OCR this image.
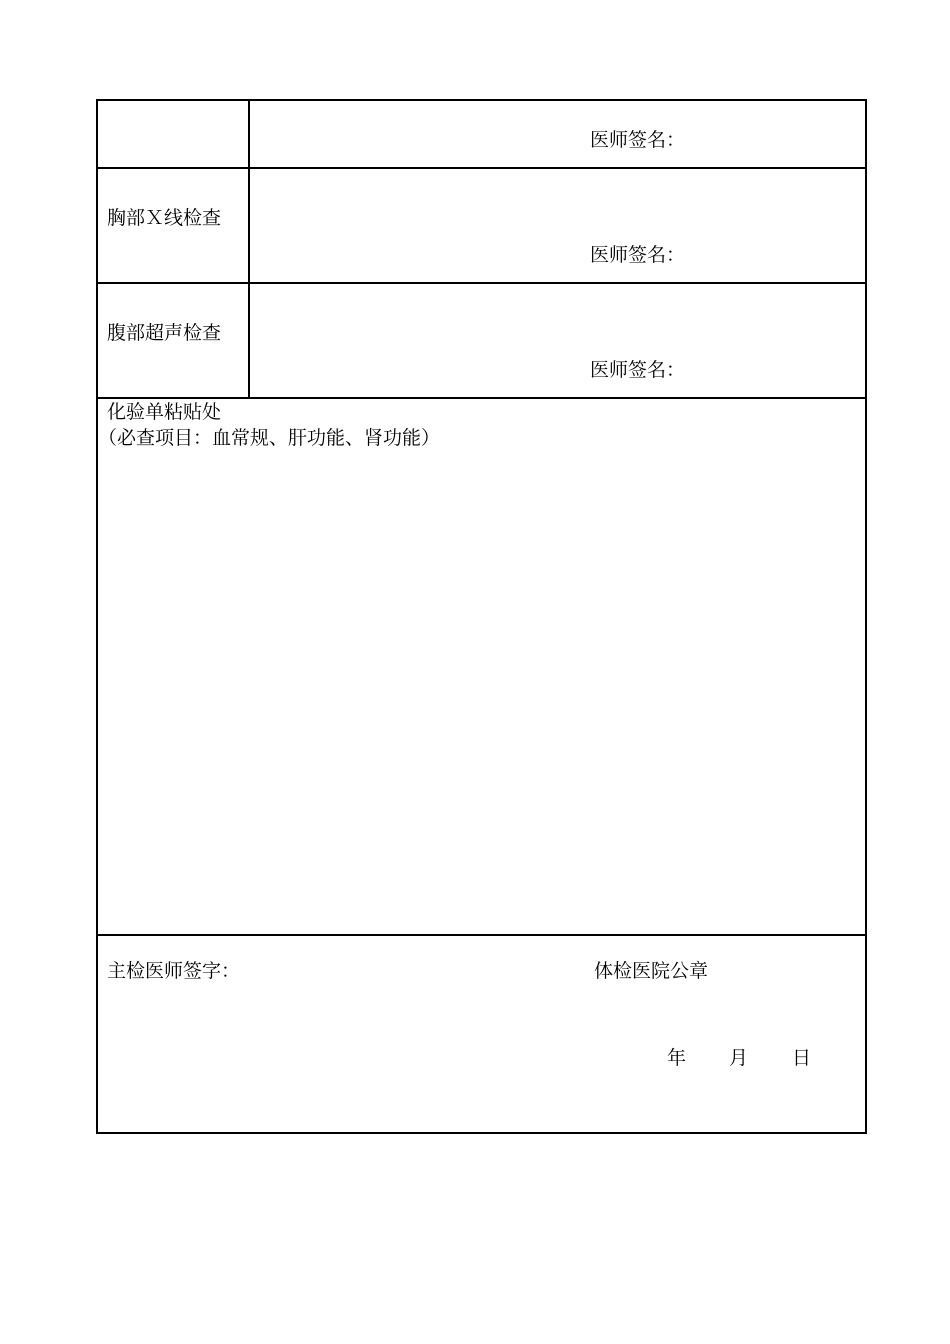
医师签名：
胸部Ｘ线检查
医师签名：
腹部超声检查
医师签名：
化验单粘贴处
（必查项目：血常规、肝功能、肾功能）
主检医师签字：	体检医院公章
年 月 日
